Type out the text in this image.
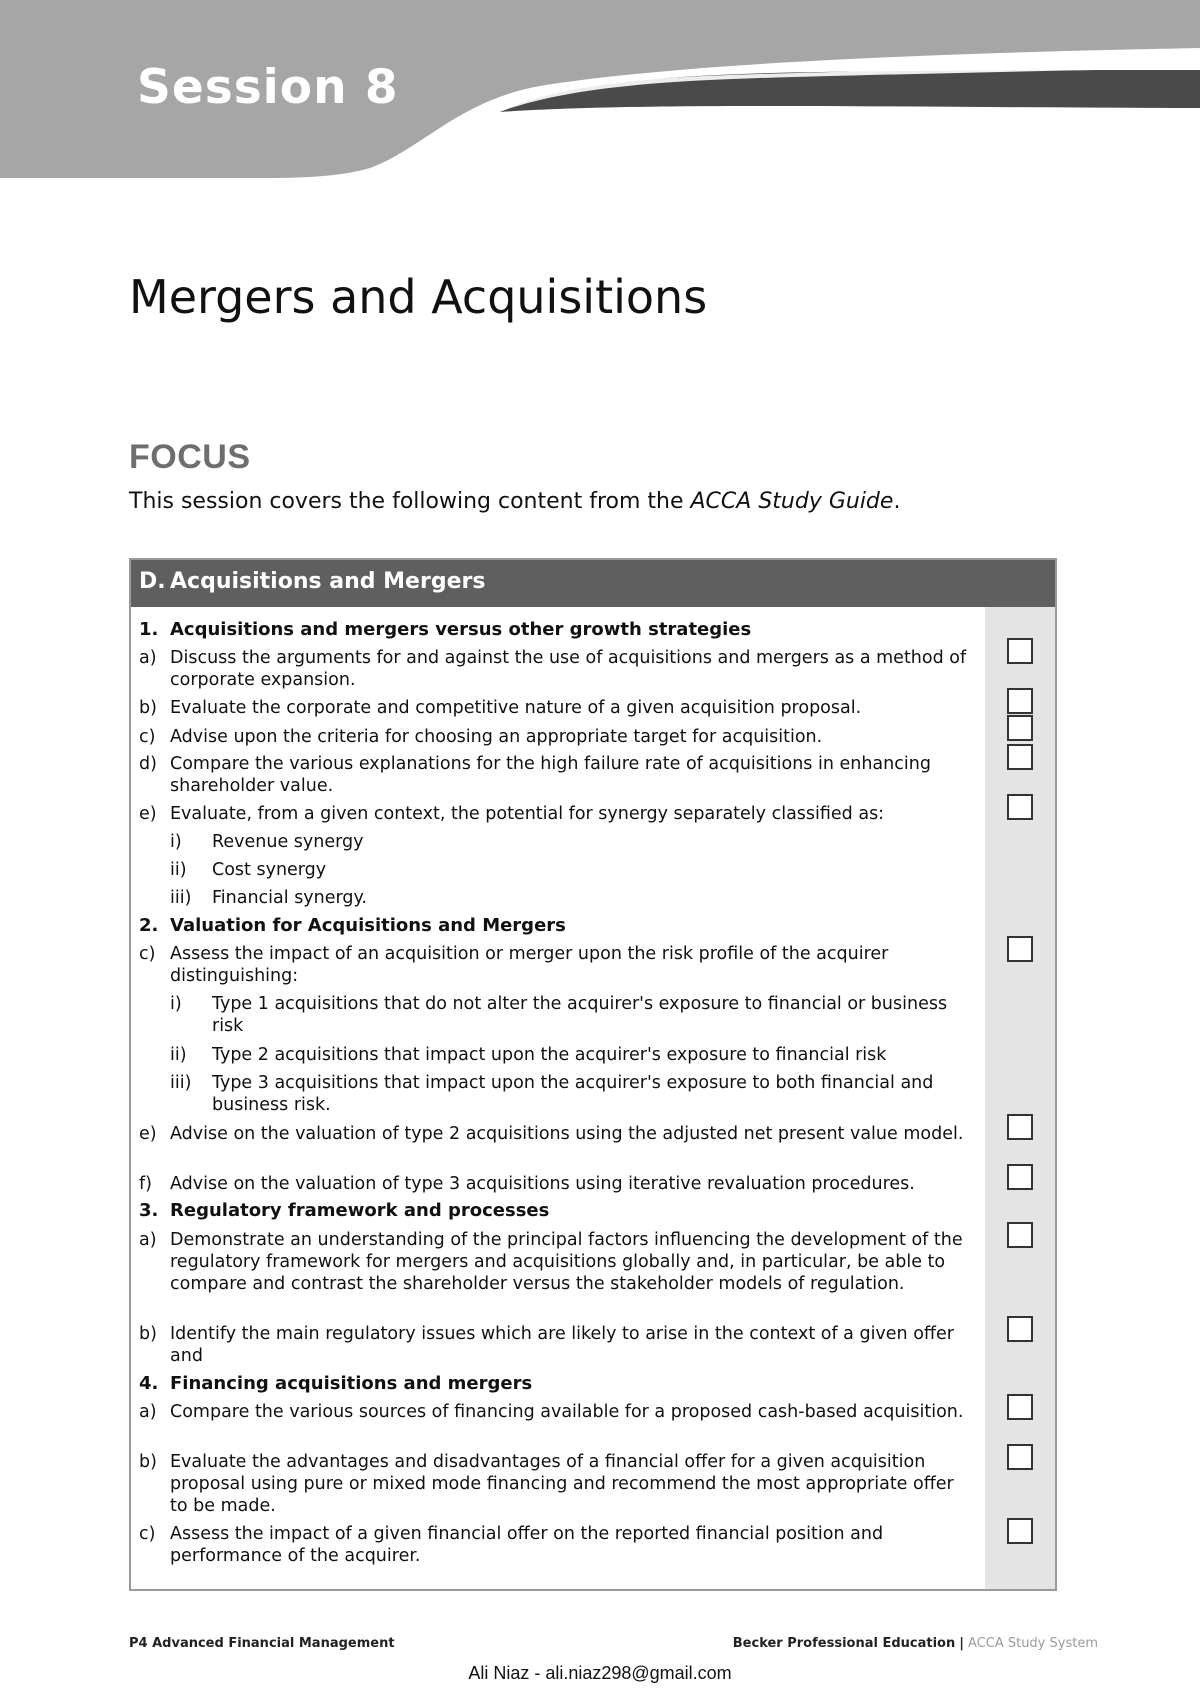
Session 8
Mergers and Acquisitions
FOCUS

This session covers the following content from the ACCA Study Guide.

D. Acquisitions and Mergers
1. Acquisitions and mergers versus other growth strategies
a) Discuss the arguments for and against the use of acquisitions and mergers as a method of corporate expansion.
b) Evaluate the corporate and competitive nature of a given acquisition proposal.
c) Advise upon the criteria for choosing an appropriate target for acquisition.
d) Compare the various explanations for the high failure rate of acquisitions in enhancing shareholder value.
e) Evaluate, from a given context, the potential for synergy separately classified as:
i)	Revenue synergy
ii)	Cost synergy
iii)	Financial synergy.
2. Valuation for Acquisitions and Mergers
c) Assess the impact of an acquisition or merger upon the risk profile of the acquirer distinguishing:
i)	Type 1 acquisitions that do not alter the acquirer's exposure to financial or business risk
ii)	Type 2 acquisitions that impact upon the acquirer's exposure to financial risk
iii)	Type 3 acquisitions that impact upon the acquirer's exposure to both financial and business risk.
e) Advise on the valuation of type 2 acquisitions using the adjusted net present value model.
f)	Advise on the valuation of type 3 acquisitions using iterative revaluation procedures.
3. Regulatory framework and processes
a) Demonstrate an understanding of the principal factors influencing the development of the regulatory framework for mergers and acquisitions globally and, in particular, be able to compare and contrast the shareholder versus the stakeholder models of regulation.
b) Identify the main regulatory issues which are likely to arise in the context of a given offer and
4. Financing acquisitions and mergers
a) Compare the various sources of financing available for a proposed cash-based acquisition.
b) Evaluate the advantages and disadvantages of a financial offer for a given acquisition proposal using pure or mixed mode financing and recommend the most appropriate offer to be made.
c) Assess the impact of a given financial offer on the reported financial position and performance of the acquirer.
P4 Advanced Financial Management	Becker Professional Education | ACCA Study System
Ali Niaz - ali.niaz298@gmail.com
